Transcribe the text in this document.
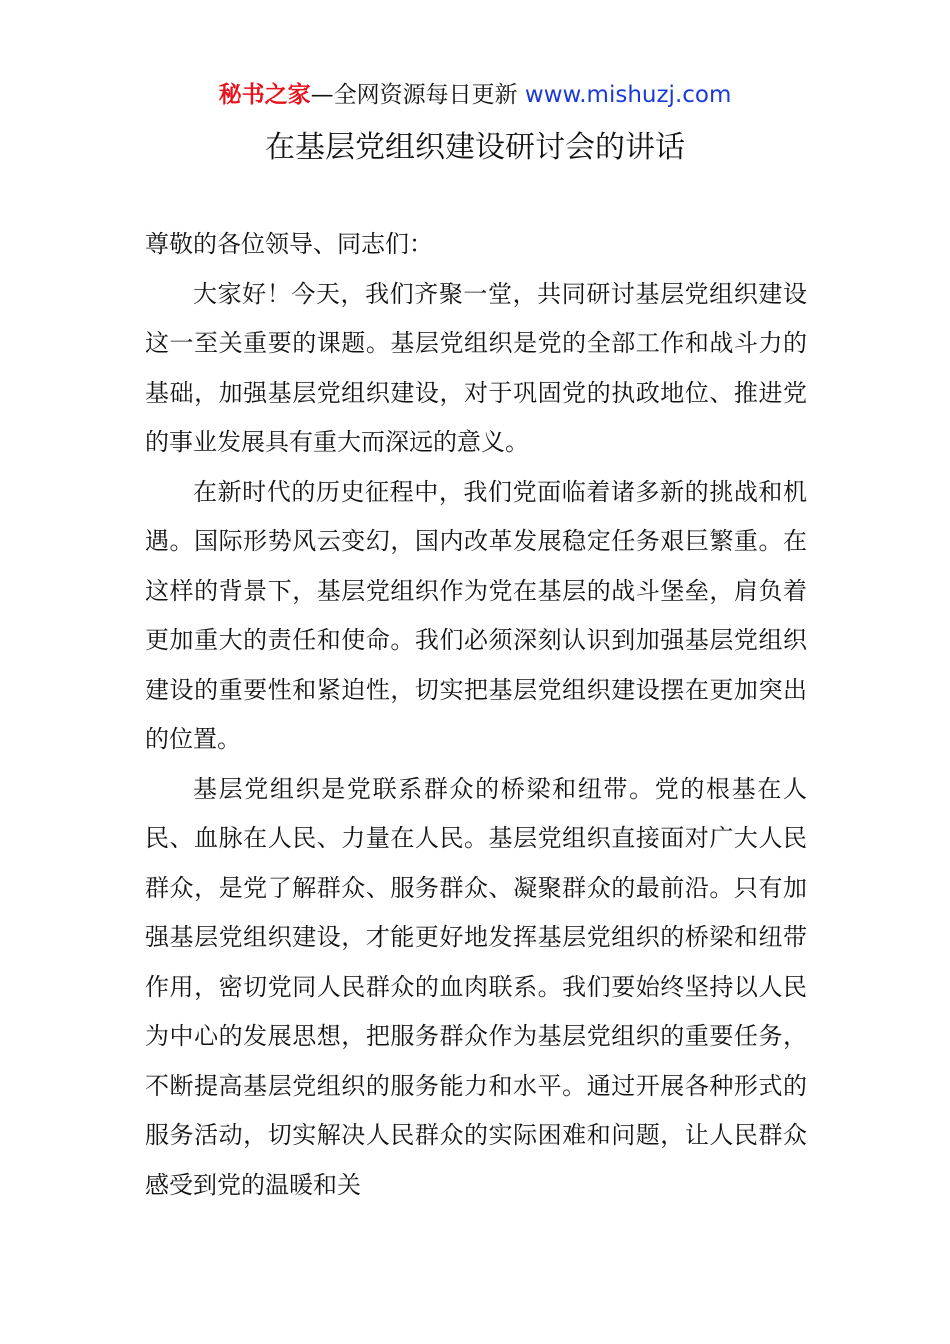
秘书之家—全网资源每日更新 www.mishuzj.com
在基层党组织建设研讨会的讲话

尊敬的各位领导、同志们：

大家好！今天，我们齐聚一堂，共同研讨基层党组织建设这一至关重要的课题。基层党组织是党的全部工作和战斗力的基础，加强基层党组织建设，对于巩固党的执政地位、推进党的事业发展具有重大而深远的意义。

在新时代的历史征程中，我们党面临着诸多新的挑战和机遇。国际形势风云变幻，国内改革发展稳定任务艰巨繁重。在这样的背景下，基层党组织作为党在基层的战斗堡垒，肩负着更加重大的责任和使命。我们必须深刻认识到加强基层党组织建设的重要性和紧迫性，切实把基层党组织建设摆在更加突出的位置。

基层党组织是党联系群众的桥梁和纽带。党的根基在人民、血脉在人民、力量在人民。基层党组织直接面对广大人民群众，是党了解群众、服务群众、凝聚群众的最前沿。只有加强基层党组织建设，才能更好地发挥基层党组织的桥梁和纽带作用，密切党同人民群众的血肉联系。我们要始终坚持以人民为中心的发展思想，把服务群众作为基层党组织的重要任务，不断提高基层党组织的服务能力和水平。通过开展各种形式的服务活动，切实解决人民群众的实际困难和问题，让人民群众感受到党的温暖和关
